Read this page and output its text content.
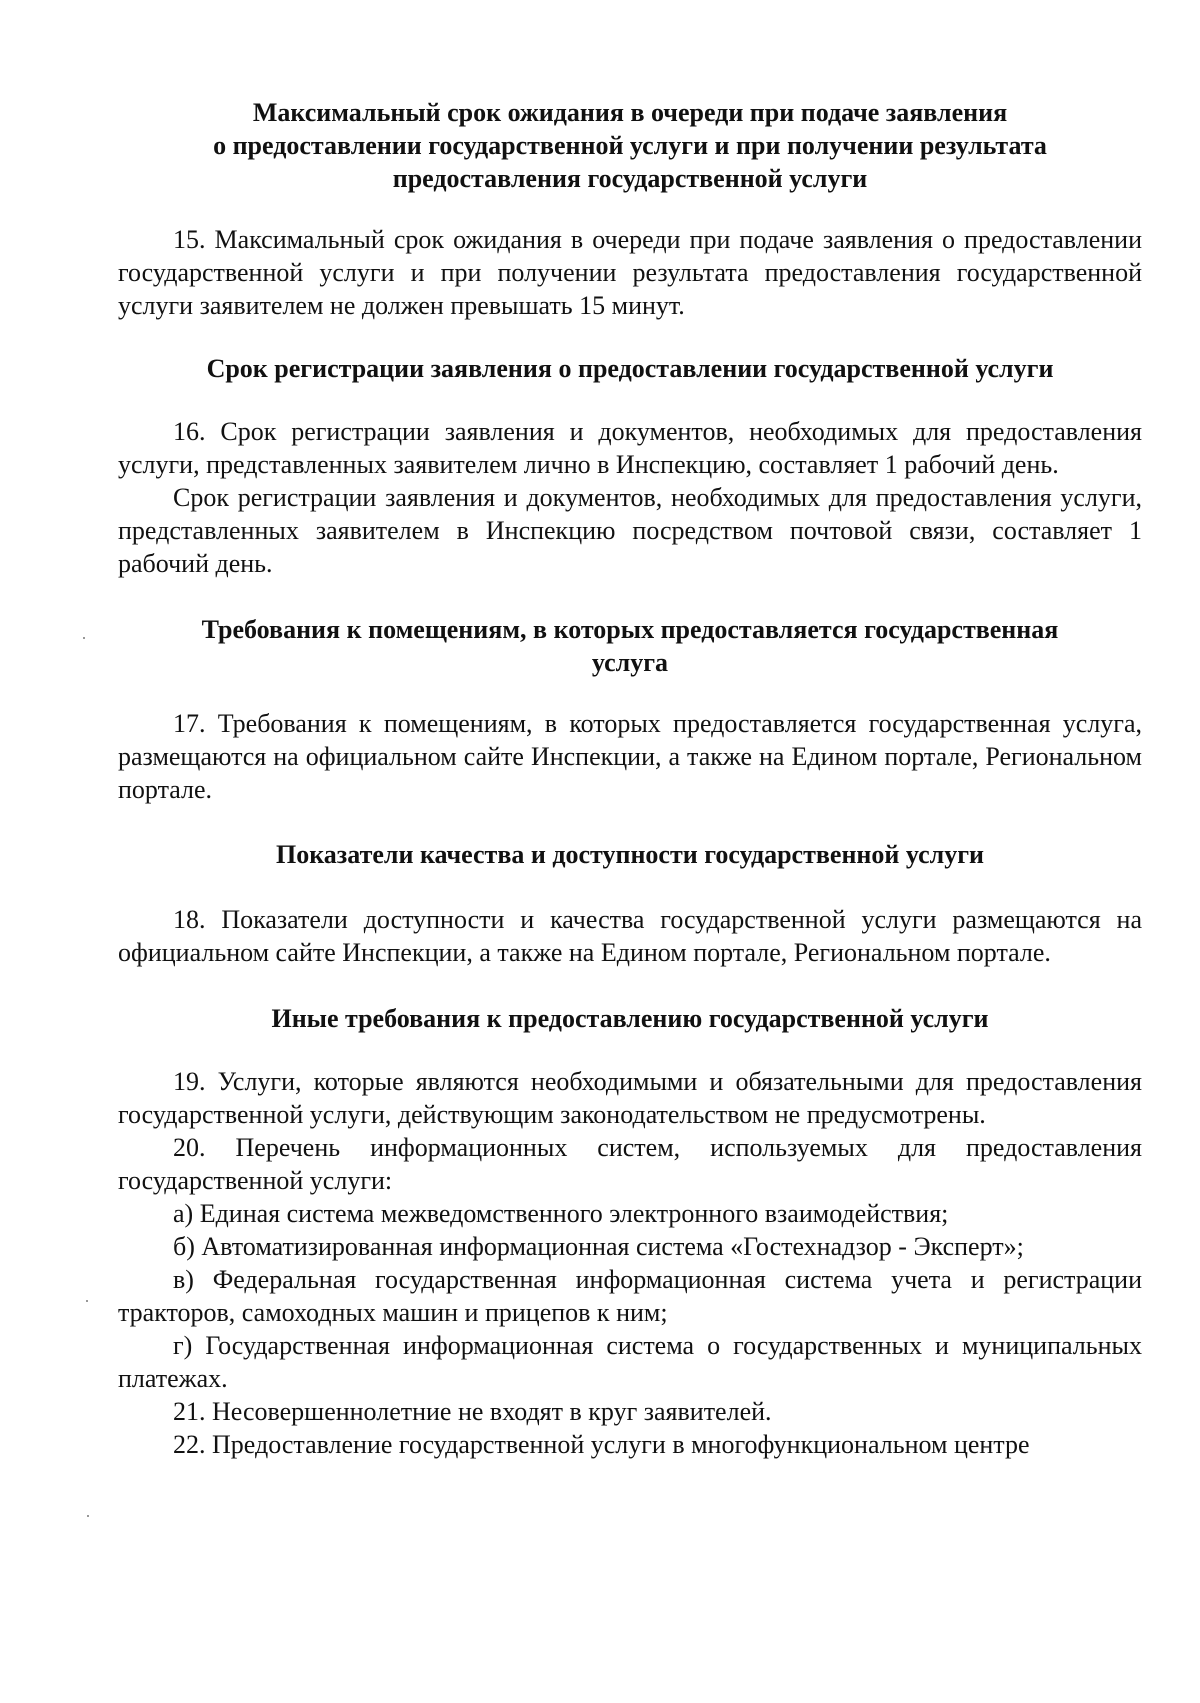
Максимальный срок ожидания в очереди при подаче заявления
о предоставлении государственной услуги и при получении результата
предоставления государственной услуги

15. Максимальный срок ожидания в очереди при подаче заявления о предоставлении государственной услуги и при получении результата предоставления государственной услуги заявителем не должен превышать 15 минут.

Срок регистрации заявления о предоставлении государственной услуги

16. Срок регистрации заявления и документов, необходимых для предоставления услуги, представленных заявителем лично в Инспекцию, составляет 1 рабочий день.

Срок регистрации заявления и документов, необходимых для предоставления услуги, представленных заявителем в Инспекцию посредством почтовой связи, составляет 1 рабочий день.

Требования к помещениям, в которых предоставляется государственная
услуга

17. Требования к помещениям, в которых предоставляется государственная услуга, размещаются на официальном сайте Инспекции, а также на Едином портале, Региональном портале.

Показатели качества и доступности государственной услуги

18. Показатели доступности и качества государственной услуги размещаются на официальном сайте Инспекции, а также на Едином портале, Региональном портале.

Иные требования к предоставлению государственной услуги

19. Услуги, которые являются необходимыми и обязательными для предоставления государственной услуги, действующим законодательством не предусмотрены.

20. Перечень информационных систем, используемых для предоставления государственной услуги:

а) Единая система межведомственного электронного взаимодействия;

б) Автоматизированная информационная система «Гостехнадзор - Эксперт»;

в) Федеральная государственная информационная система учета и регистрации тракторов, самоходных машин и прицепов к ним;

г) Государственная информационная система о государственных и муниципальных платежах.

21. Несовершеннолетние не входят в круг заявителей.

22. Предоставление государственной услуги в многофункциональном центре
